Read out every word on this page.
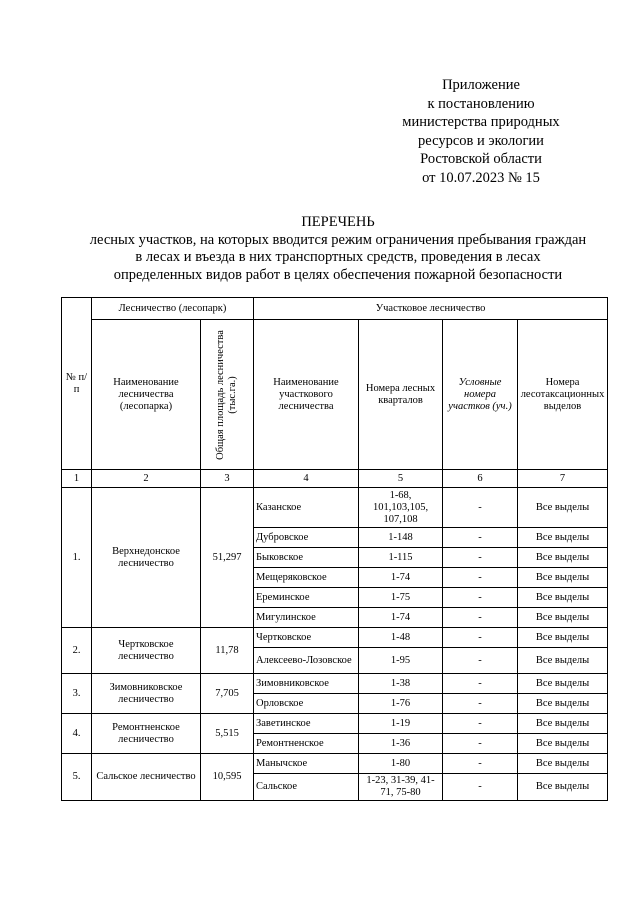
Приложение
к постановлению
министерства природных
ресурсов и экологии
Ростовской области
от 10.07.2023 № 15
ПЕРЕЧЕНЬ
лесных участков, на которых вводится режим ограничения пребывания граждан
в лесах и въезда в них транспортных средств, проведения в лесах
определенных видов работ в целях обеспечения пожарной безопасности
№ п/п	Лесничество (лесопарк)		Участковое лесничество			
	Наименование лесничества (лесопарка)	Общая площадь лесничества (тыс.га.)	Наименование участкового лесничества	Номера лесных кварталов	Условные номера участков (уч.)	Номера лесотаксационных выделов
1	2	3	4	5	6	7
1.	Верхнедонское лесничество	51,297	Казанское	1-68, 101,103,105, 107,108	-	Все выделы
			Дубровское	1-148	-	Все выделы
			Быковское	1-115	-	Все выделы
			Мещеряковское	1-74	-	Все выделы
			Ереминское	1-75	-	Все выделы
			Мигулинское	1-74	-	Все выделы
2.	Чертковское лесничество	11,78	Чертковское	1-48	-	Все выделы
			Алексеево-Лозовское	1-95	-	Все выделы
3.	Зимовниковское лесничество	7,705	Зимовниковское	1-38	-	Все выделы
			Орловское	1-76	-	Все выделы
4.	Ремонтненское лесничество	5,515	Заветинское	1-19	-	Все выделы
			Ремонтненское	1-36	-	Все выделы
5.	Сальское лесничество	10,595	Манычское	1-80	-	Все выделы
			Сальское	1-23, 31-39, 41-71, 75-80	-	Все выделы
